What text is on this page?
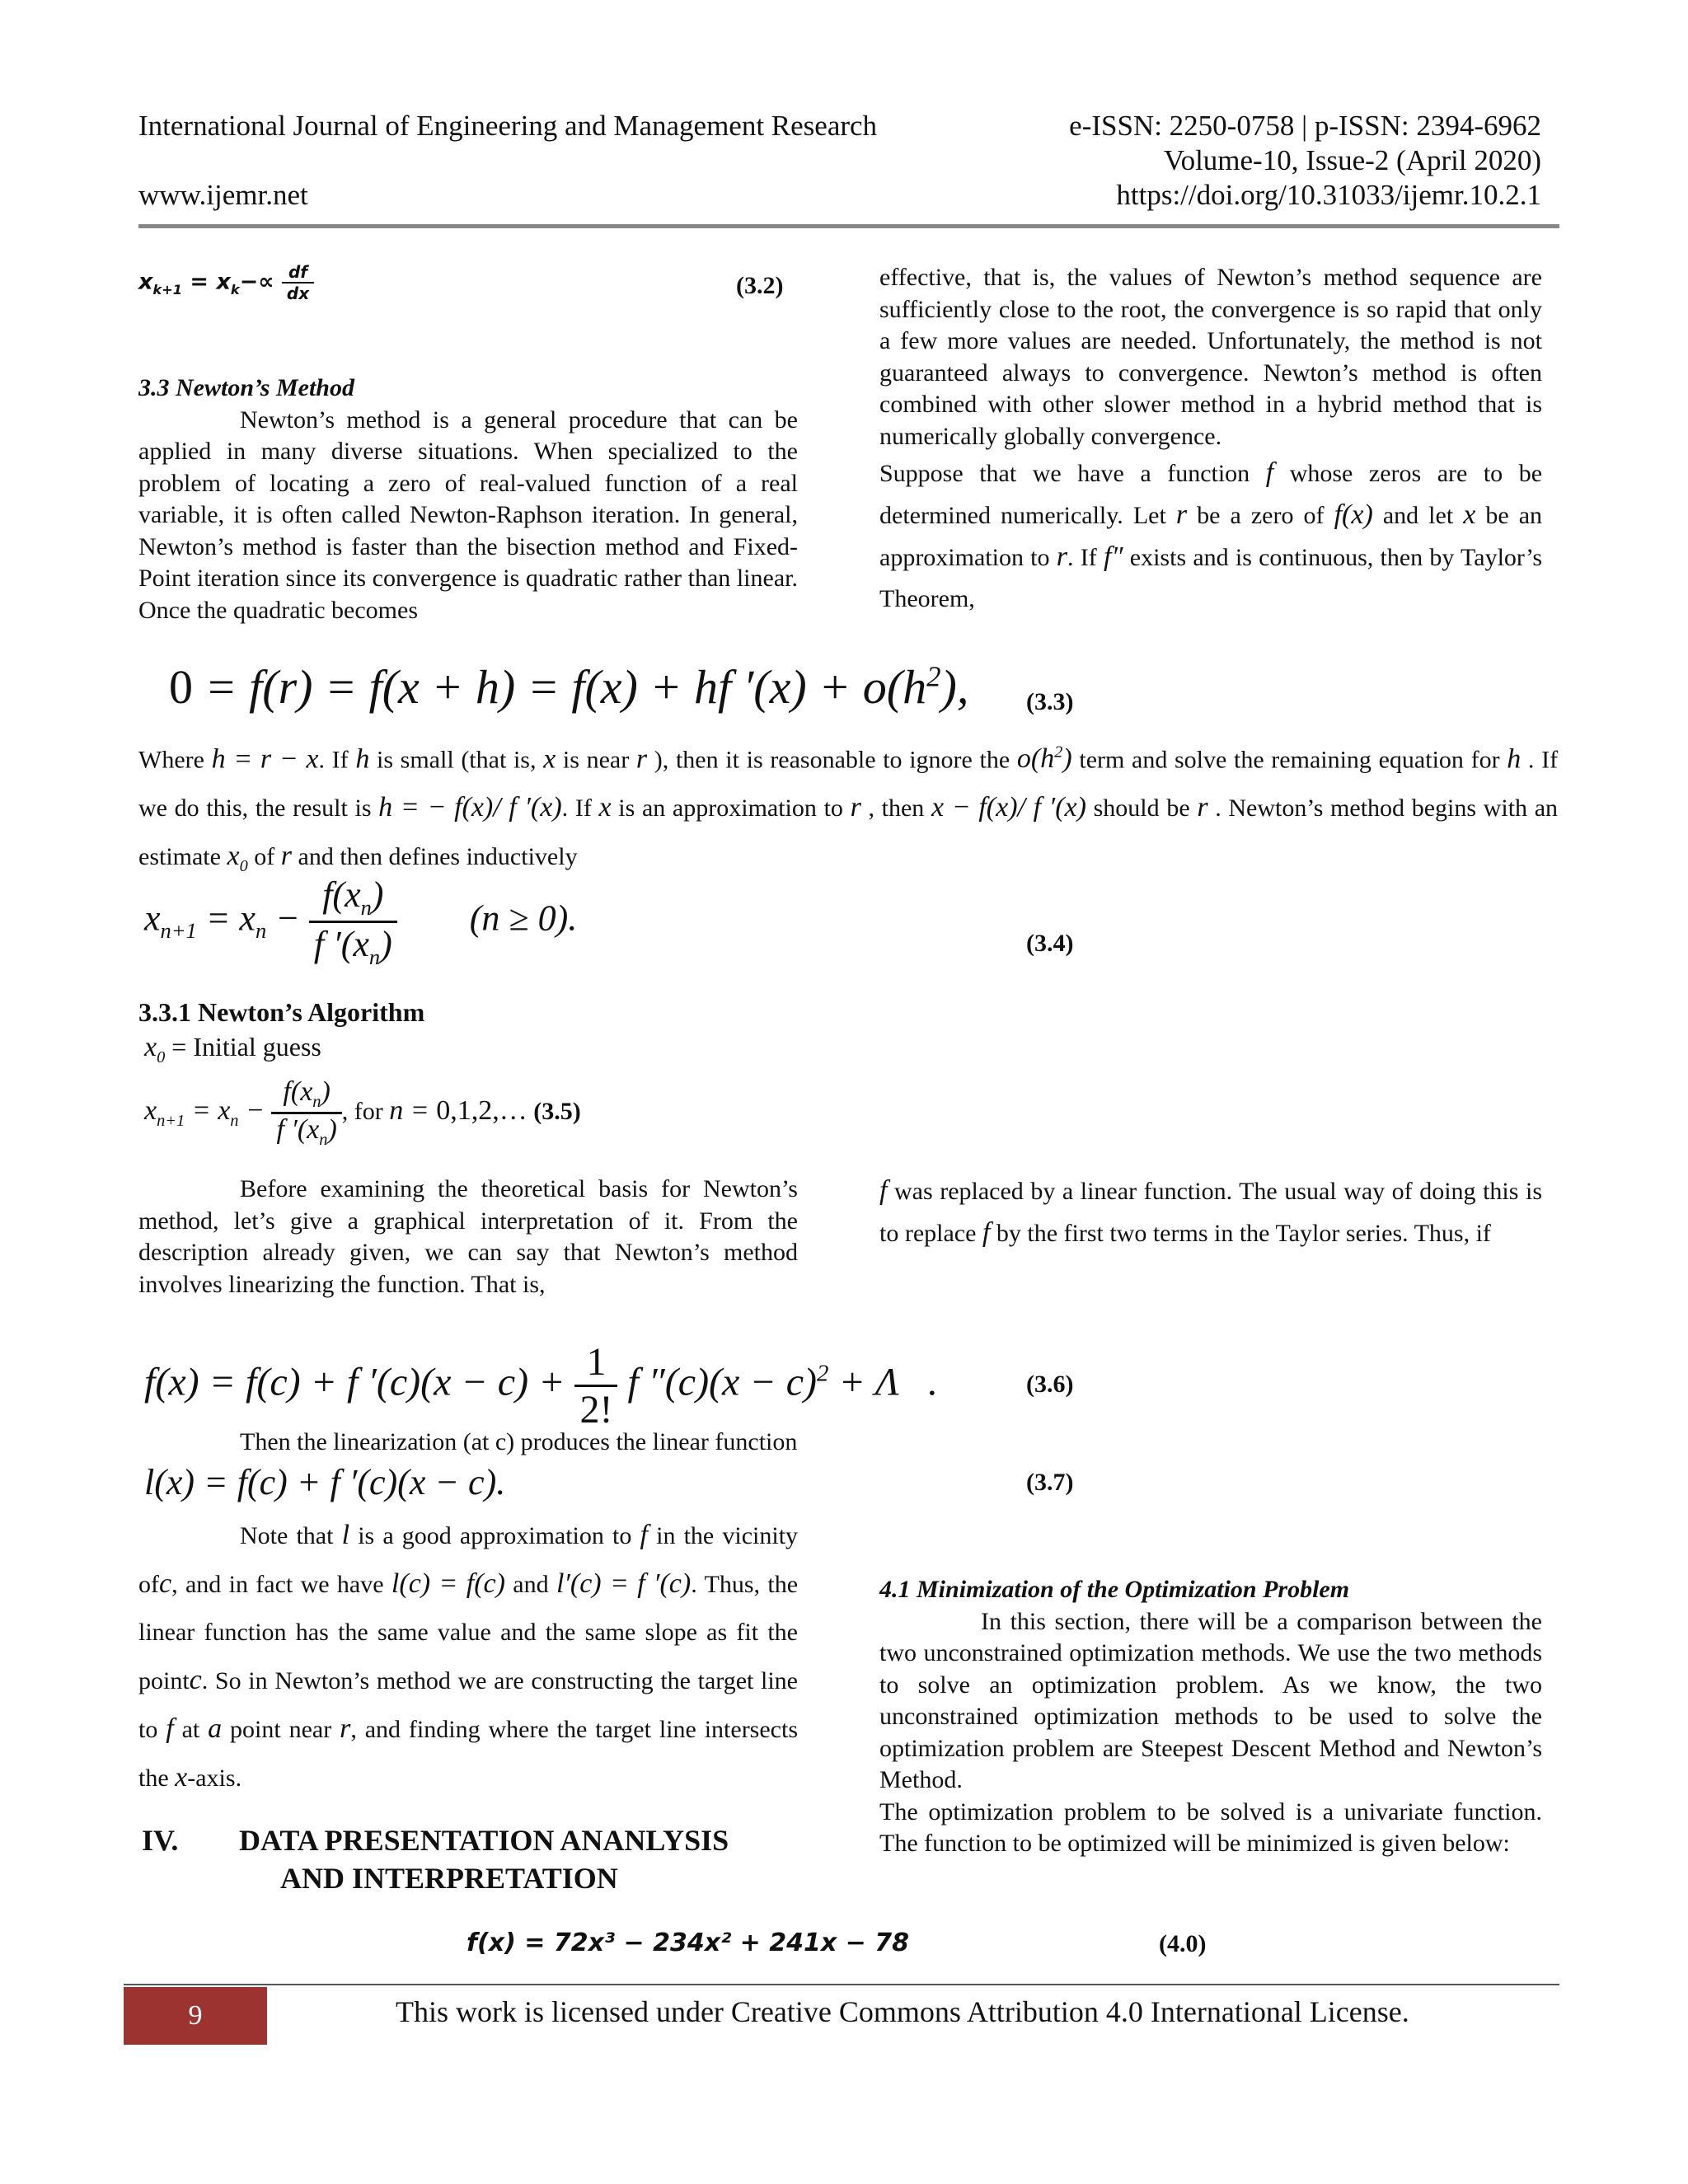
International Journal of Engineering and Management Research	e-ISSN: 2250-0758 | p-ISSN: 2394-6962
Volume-10, Issue-2 (April 2020)
www.ijemr.net	https://doi.org/10.31033/ijemr.10.2.1
$x_{k+1} = x_k-\propto \frac{df}{dx}$	(3.2)

3.3 Newton’s Method

Newton’s method is a general procedure that can be applied in many diverse situations. When specialized to the problem of locating a zero of real-valued function of a real variable, it is often called Newton-Raphson iteration. In general, Newton’s method is faster than the bisection method and Fixed-Point iteration since its convergence is quadratic rather than linear. Once the quadratic becomes

effective, that is, the values of Newton’s method sequence are sufficiently close to the root, the convergence is so rapid that only a few more values are needed. Unfortunately, the method is not guaranteed always to convergence. Newton’s method is often combined with other slower method in a hybrid method that is numerically globally convergence.

Suppose that we have a function f whose zeros are to be determined numerically. Let r be a zero of f(x) and let x be an approximation to r. If f″ exists and is continuous, then by Taylor’s Theorem,

0 = f(r) = f(x + h) = f(x) + hf $'(x) + o(h^2)$, (3.3)
Where h = r − x. If h is small (that is, x is near r ), then it is reasonable to ignore the $o(h^2)$ term and solve the remaining equation for h . If we do this, the result is h = − f(x)/ f ′(x). If x is an approximation to r , then x − f(x)/ f ′(x) should be r . Newton’s method begins with an estimate $x_0$ of r and then defines inductively
$x_{n+1} = x_n - \frac{f(x_n)}{f '(x_n)} (n \ge 0)$.
(3.4)
3.3.1 Newton’s Algorithm
$x_0$ = Initial guess
$x_{n+1} = x_n - \frac{f(x_n)}{f '(x_n)}$ , for n = 0,1,2,… (3.5)

Before examining the theoretical basis for Newton’s method, let’s give a graphical interpretation of it. From the description already given, we can say that Newton’s method involves linearizing the function. That is,

f was replaced by a linear function. The usual way of doing this is to replace f by the first two terms in the Taylor series. Thus, if

f(x) = f(c) + f $'(c)(x - c) + \frac{1}{2!}$ f $''(c)(x - c)^2 + \Lambda$   .	(3.6)
Then the linearization (at c) produces the linear function
l(x) = f(c) + f ′(c)(x − c).	(3.7)

Note that l is a good approximation to f in the vicinity ofc, and in fact we have l(c) = f(c) and l′(c) = f ′(c). Thus, the linear function has the same value and the same slope as fit the pointc. So in Newton’s method we are constructing the target line to f at a point near r, and finding where the target line intersects the x-axis.

IV. DATA PRESENTATION ANANLYSIS
AND INTERPRETATION

4.1 Minimization of the Optimization Problem

In this section, there will be a comparison between the two unconstrained optimization methods. We use the two methods to solve an optimization problem. As we know, the two unconstrained optimization methods to be used to solve the optimization problem are Steepest Descent Method and Newton’s Method.

The optimization problem to be solved is a univariate function. The function to be optimized will be minimized is given below:

f(x) = 72x³ − 234x² + 241x − 78	(4.0)
9	This work is licensed under Creative Commons Attribution 4.0 International License.
